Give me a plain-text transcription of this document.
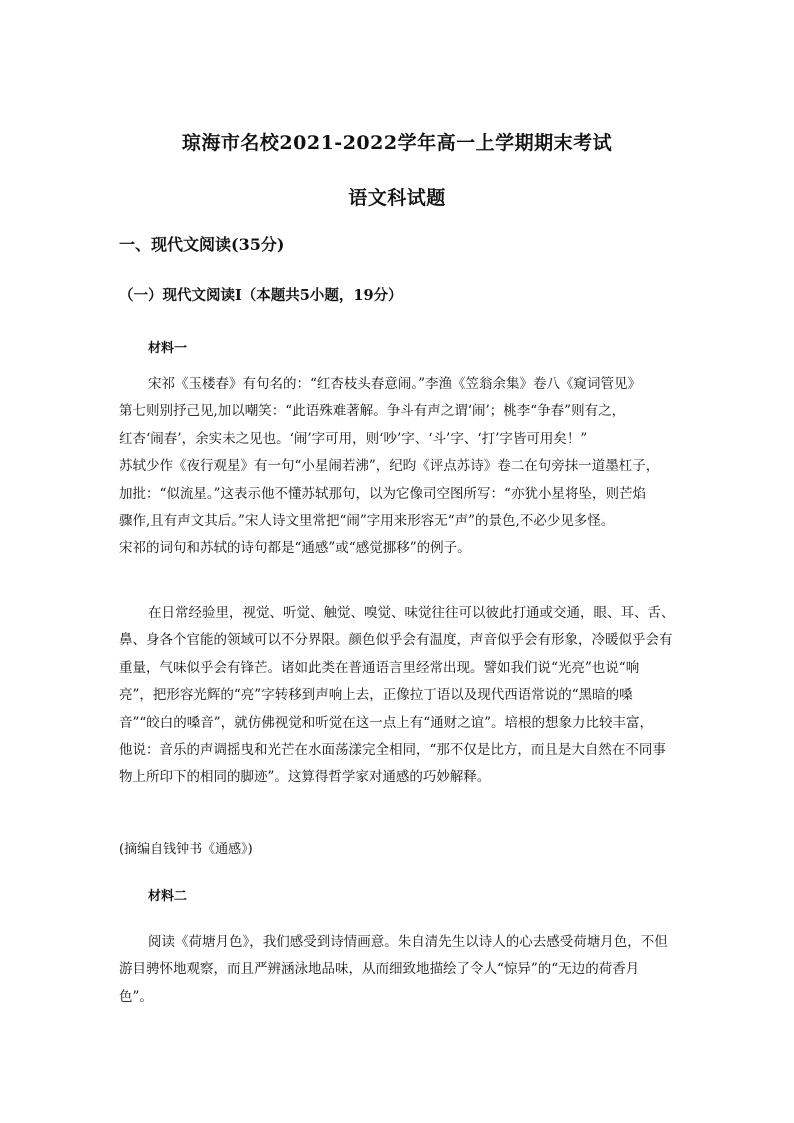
琼海市名校2021-2022学年高一上学期期末考试
语文科试题
一、现代文阅读(35分)
（一）现代文阅读Ⅰ（本题共5小题，19分）
材料一
宋祁《玉楼春》有句名的：“红杏枝头春意闹。”李渔《笠翁余集》卷八《窥词管见》
第七则别抒己见,加以嘲笑：“此语殊难著解。争斗有声之谓‘闹’；桃李“争春”则有之，
红杏‘闹春’，余实未之见也。‘闹’字可用，则‘吵’字、‘斗’字、‘打’字皆可用矣！”
苏轼少作《夜行观星》有一句“小星闹若沸”，纪昀《评点苏诗》卷二在句旁抹一道墨杠子，
加批：“似流星。”这表示他不懂苏轼那句，以为它像司空图所写：“亦犹小星将坠，则芒焰
骤作,且有声文其后。”宋人诗文里常把“闹”字用来形容无“声”的景色,不必少见多怪。
宋祁的词句和苏轼的诗句都是“通感”或“感觉挪移”的例子。
在日常经验里，视觉、听觉、触觉、嗅觉、味觉往往可以彼此打通或交通，眼、耳、舌、
鼻、身各个官能的领域可以不分界限。颜色似乎会有温度，声音似乎会有形象，冷暖似乎会有
重量，气味似乎会有锋芒。诸如此类在普通语言里经常出现。譬如我们说“光亮”也说“响
亮”，把形容光辉的“亮”字转移到声响上去，正像拉丁语以及现代西语常说的“黑暗的嗓
音”“皎白的嗓音”，就仿佛视觉和听觉在这一点上有“通财之谊”。培根的想象力比较丰富，
他说：音乐的声调摇曳和光芒在水面荡漾完全相同，“那不仅是比方，而且是大自然在不同事
物上所印下的相同的脚迹”。这算得哲学家对通感的巧妙解释。
(摘编自钱钟书《通感》)
材料二
阅读《荷塘月色》，我们感受到诗情画意。朱自清先生以诗人的心去感受荷塘月色，不但
游目骋怀地观察，而且严辨涵泳地品味，从而细致地描绘了令人“惊异”的“无边的荷香月
色”。
